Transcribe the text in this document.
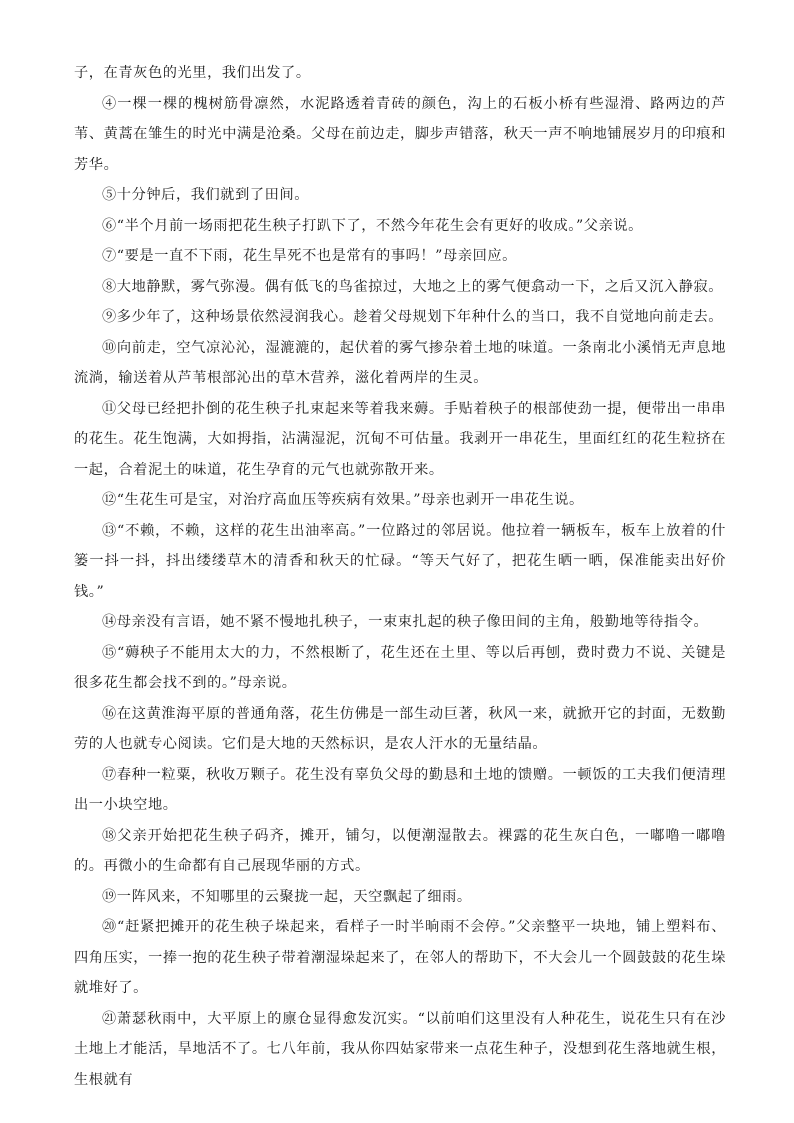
子，在青灰色的光里，我们出发了。

④一棵一棵的槐树筋骨凛然，水泥路透着青砖的颜色，沟上的石板小桥有些湿滑、路两边的芦苇、黄蒿在雏生的时光中满是沧桑。父母在前边走，脚步声错落，秋天一声不响地铺展岁月的印痕和芳华。

⑤十分钟后，我们就到了田间。

⑥“半个月前一场雨把花生秧子打趴下了，不然今年花生会有更好的收成。”父亲说。

⑦“要是一直不下雨，花生旱死不也是常有的事吗！”母亲回应。

⑧大地静默，雾气弥漫。偶有低飞的鸟雀掠过，大地之上的雾气便翕动一下，之后又沉入静寂。

⑨多少年了，这种场景依然浸润我心。趁着父母规划下年种什么的当口，我不自觉地向前走去。

⑩向前走，空气凉沁沁，湿漉漉的，起伏着的雾气掺杂着土地的味道。一条南北小溪悄无声息地流淌，输送着从芦苇根部沁出的草木营养，滋化着两岸的生灵。

⑪父母已经把扑倒的花生秧子扎束起来等着我来薅。手贴着秧子的根部使劲一提，便带出一串串的花生。花生饱满，大如拇指，沾满湿泥，沉甸不可估量。我剥开一串花生，里面红红的花生粒挤在一起，合着泥土的味道，花生孕育的元气也就弥散开来。

⑫“生花生可是宝，对治疗高血压等疾病有效果。”母亲也剥开一串花生说。

⑬“不赖，不赖，这样的花生出油率高。”一位路过的邻居说。他拉着一辆板车，板车上放着的什篓一抖一抖，抖出缕缕草木的清香和秋天的忙碌。“等天气好了，把花生晒一晒，保准能卖出好价钱。”

⑭母亲没有言语，她不紧不慢地扎秧子，一束束扎起的秧子像田间的主角，般勤地等待指令。

⑮“薅秧子不能用太大的力，不然根断了，花生还在土里、等以后再刨，费时费力不说、关键是很多花生都会找不到的。”母亲说。

⑯在这黄淮海平原的普通角落，花生仿佛是一部生动巨著，秋风一来，就掀开它的封面，无数勤劳的人也就专心阅读。它们是大地的天然标识，是农人汗水的无量结晶。

⑰春种一粒粟，秋收万颗子。花生没有辜负父母的勤恳和土地的馈赠。一顿饭的工夫我们便清理出一小块空地。

⑱父亲开始把花生秧子码齐，摊开，铺匀，以便潮湿散去。裸露的花生灰白色，一嘟噜一嘟噜的。再微小的生命都有自己展现华丽的方式。

⑲一阵风来，不知哪里的云聚拢一起，天空飘起了细雨。

⑳“赶紧把摊开的花生秧子垛起来，看样子一时半晌雨不会停。”父亲整平一块地，铺上塑料布、四角压实，一捧一抱的花生秧子带着潮湿垛起来了，在邻人的帮助下，不大会儿一个圆鼓鼓的花生垛就堆好了。

㉑萧瑟秋雨中，大平原上的廪仓显得愈发沉实。“以前咱们这里没有人种花生，说花生只有在沙土地上才能活，旱地活不了。七八年前，我从你四姑家带来一点花生种子，没想到花生落地就生根，生根就有
